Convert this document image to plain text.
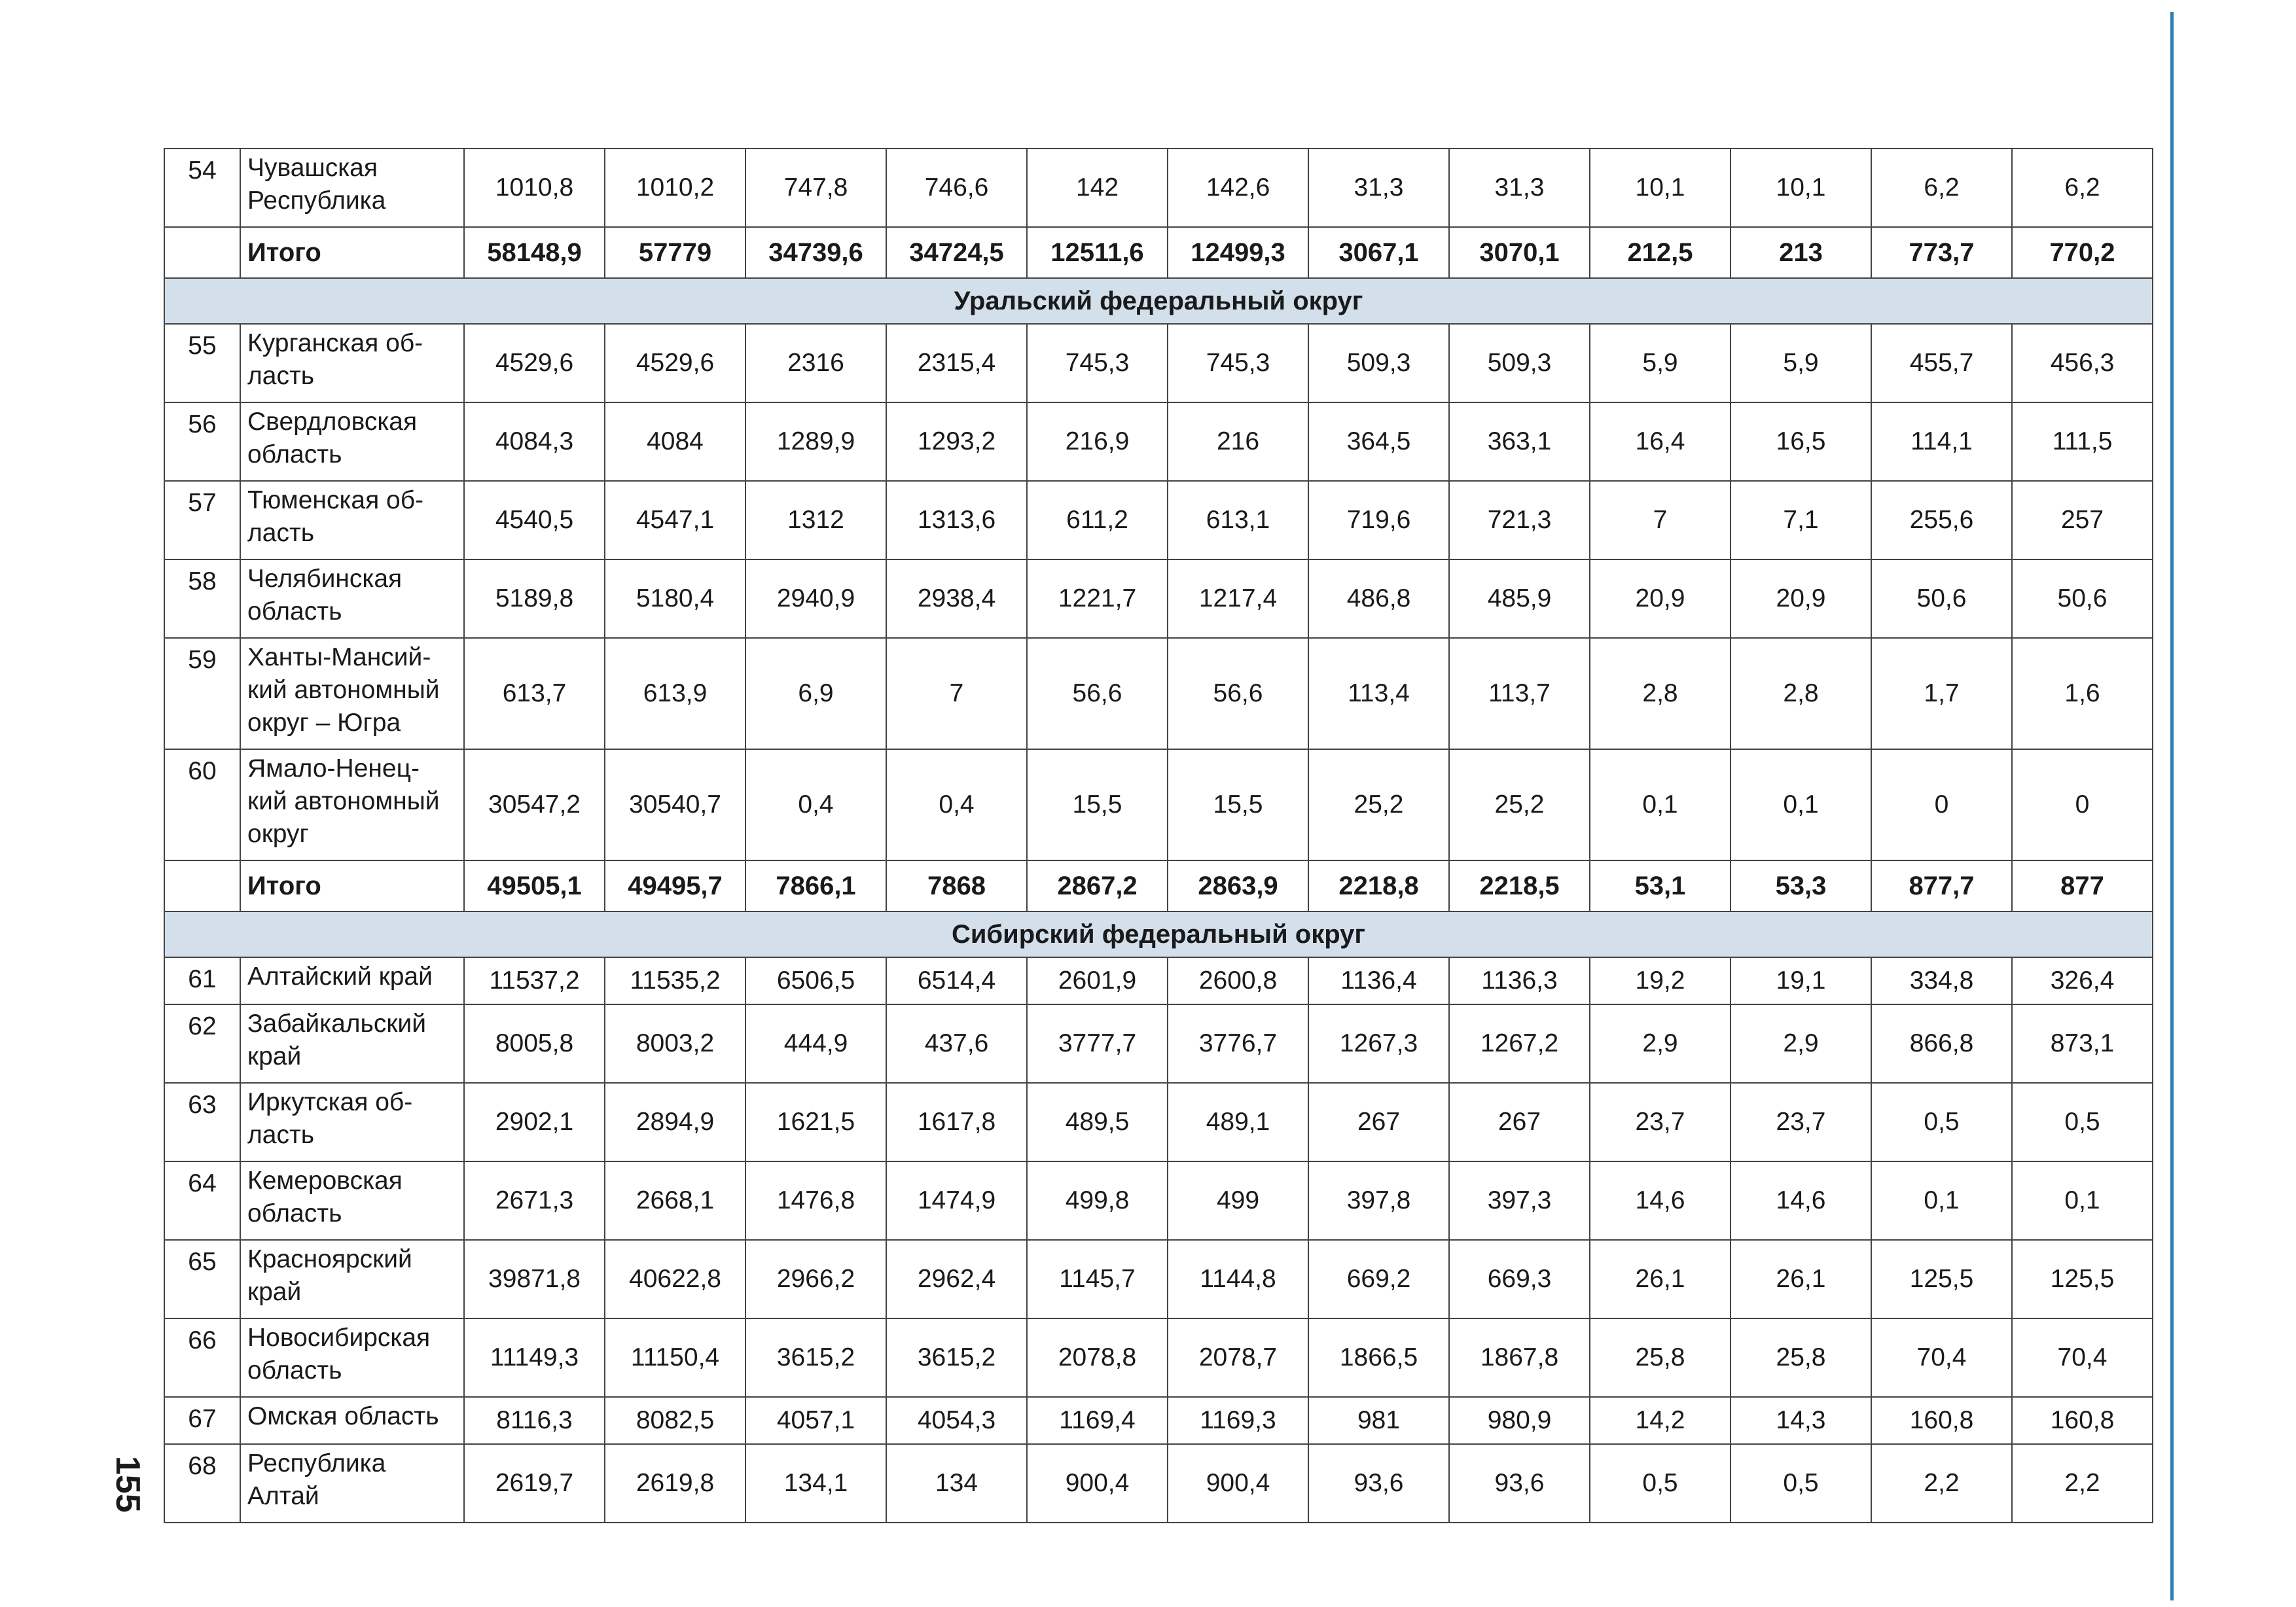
155
54	Чувашская Республика	1010,8	1010,2	747,8	746,6	142	142,6	31,3	31,3	10,1	10,1	6,2	6,2
	Итого	58148,9	57779	34739,6	34724,5	12511,6	12499,3	3067,1	3070,1	212,5	213	773,7	770,2
Уральский федеральный округ													
55	Курганская об-ласть	4529,6	4529,6	2316	2315,4	745,3	745,3	509,3	509,3	5,9	5,9	455,7	456,3
56	Свердловская область	4084,3	4084	1289,9	1293,2	216,9	216	364,5	363,1	16,4	16,5	114,1	111,5
57	Тюменская об-ласть	4540,5	4547,1	1312	1313,6	611,2	613,1	719,6	721,3	7	7,1	255,6	257
58	Челябинская область	5189,8	5180,4	2940,9	2938,4	1221,7	1217,4	486,8	485,9	20,9	20,9	50,6	50,6
59	Ханты-Мансий-кий автономный округ – Югра	613,7	613,9	6,9	7	56,6	56,6	113,4	113,7	2,8	2,8	1,7	1,6
60	Ямало-Ненец-кий автономный округ	30547,2	30540,7	0,4	0,4	15,5	15,5	25,2	25,2	0,1	0,1	0	0
	Итого	49505,1	49495,7	7866,1	7868	2867,2	2863,9	2218,8	2218,5	53,1	53,3	877,7	877
Сибирский федеральный округ													
61	Алтайский край	11537,2	11535,2	6506,5	6514,4	2601,9	2600,8	1136,4	1136,3	19,2	19,1	334,8	326,4
62	Забайкальский край	8005,8	8003,2	444,9	437,6	3777,7	3776,7	1267,3	1267,2	2,9	2,9	866,8	873,1
63	Иркутская об-ласть	2902,1	2894,9	1621,5	1617,8	489,5	489,1	267	267	23,7	23,7	0,5	0,5
64	Кемеровская область	2671,3	2668,1	1476,8	1474,9	499,8	499	397,8	397,3	14,6	14,6	0,1	0,1
65	Красноярский край	39871,8	40622,8	2966,2	2962,4	1145,7	1144,8	669,2	669,3	26,1	26,1	125,5	125,5
66	Новосибирская область	11149,3	11150,4	3615,2	3615,2	2078,8	2078,7	1866,5	1867,8	25,8	25,8	70,4	70,4
67	Омская область	8116,3	8082,5	4057,1	4054,3	1169,4	1169,3	981	980,9	14,2	14,3	160,8	160,8
68	Республика Алтай	2619,7	2619,8	134,1	134	900,4	900,4	93,6	93,6	0,5	0,5	2,2	2,2
